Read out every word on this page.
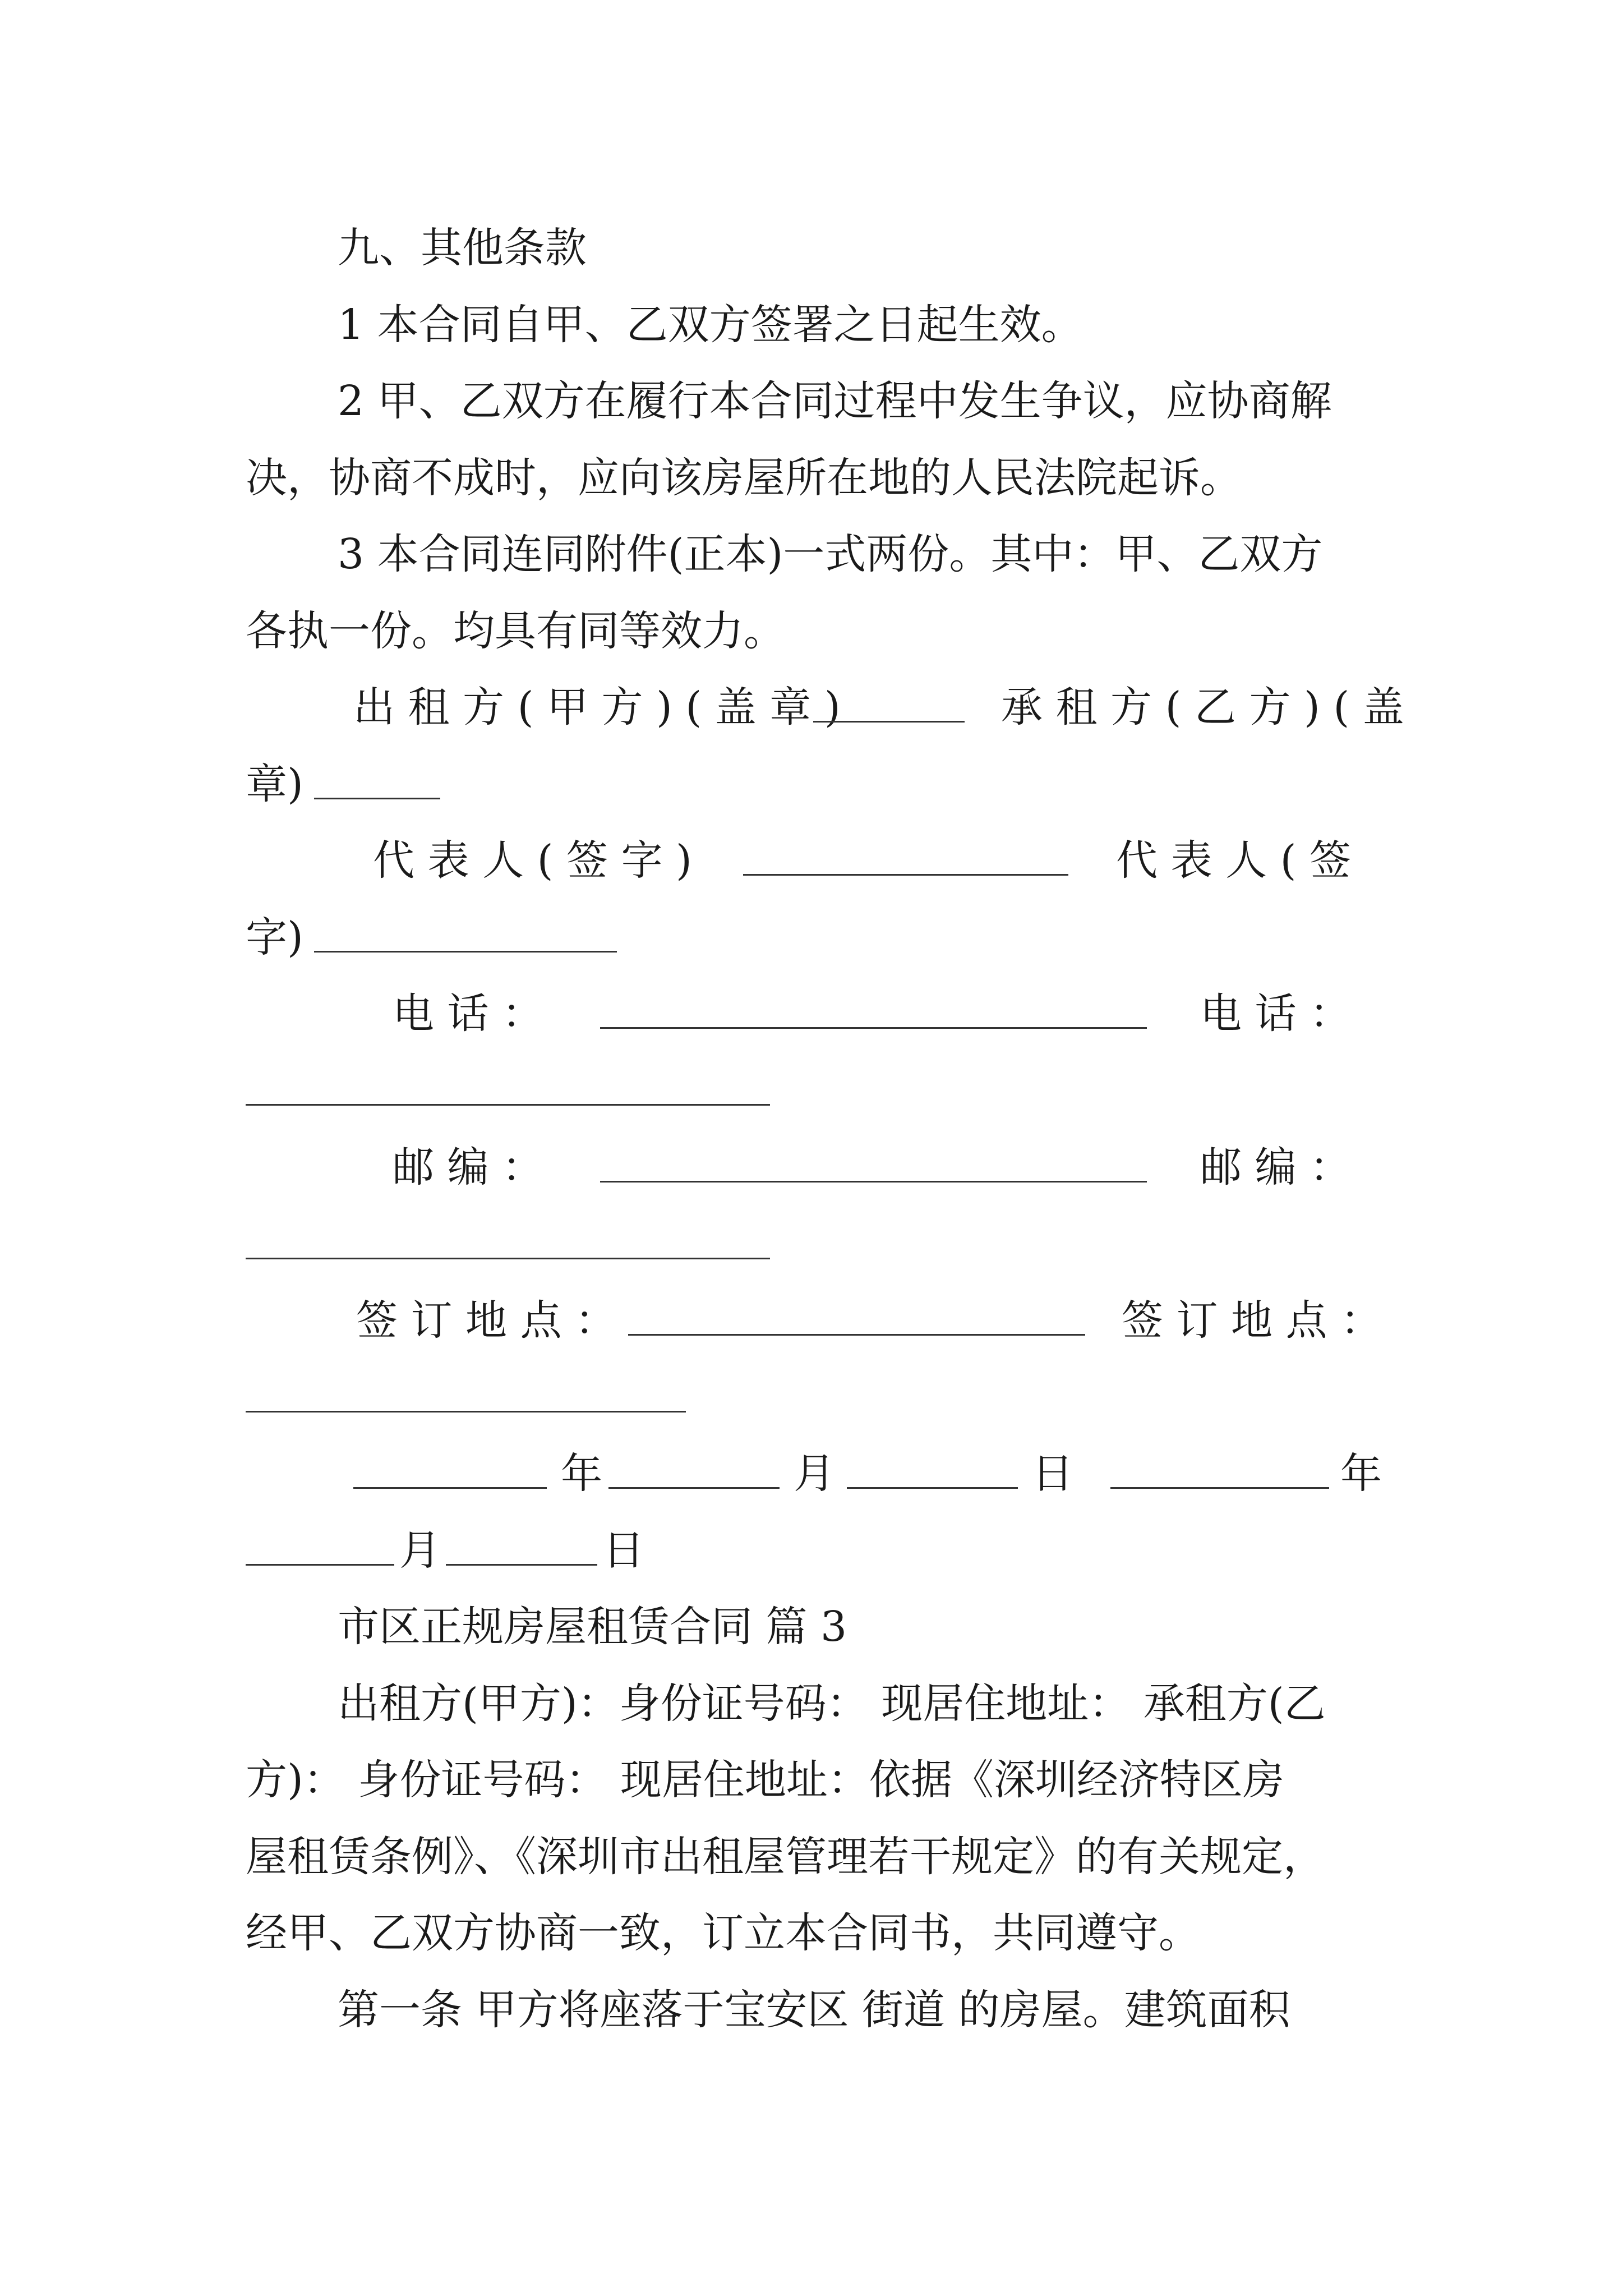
九、其他条款
1 本合同自甲、乙双方签署之日起生效。
2 甲、乙双方在履行本合同过程中发生争议，应协商解
决，协商不成时，应向该房屋所在地的人民法院起诉。
3 本合同连同附件(正本)一式两份。其中：甲、乙双方
各执一份。均具有同等效力。
出 租 方 ( 甲 方 ) ( 盖 章 )	承 租 方 ( 乙 方 ) ( 盖
章)
代 表 人 ( 签 字 )	代 表 人 ( 签
字)
电 话 ：	电 话 ：
邮 编 ：	邮 编 ：
签 订 地 点 ：	签 订 地 点 ：
年	月	日	年
月	日
市区正规房屋租赁合同 篇 3
出租方(甲方)：身份证号码： 现居住地址： 承租方(乙
方)： 身份证号码： 现居住地址：依据《深圳经济特区房
屋租赁条例》、《深圳市出租屋管理若干规定》的有关规定，
经甲、乙双方协商一致，订立本合同书，共同遵守。
第一条 甲方将座落于宝安区 街道 的房屋。建筑面积
